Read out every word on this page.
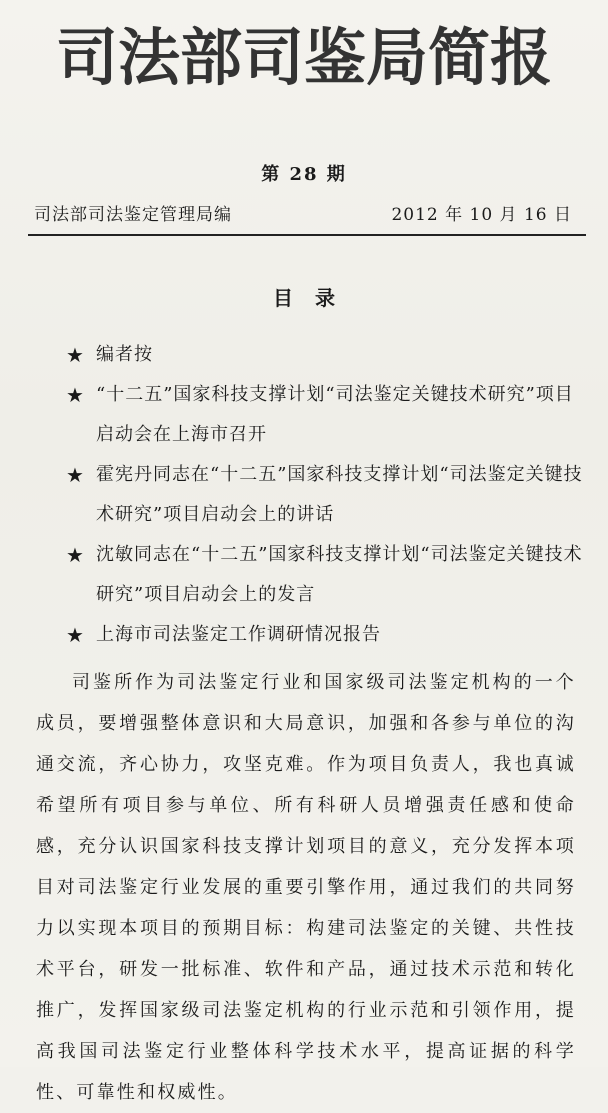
司法部司鉴局简报
第 28 期
司法部司法鉴定管理局编	2012 年 10 月 16 日
目录
★ 编者按
★ “十二五”国家科技支撑计划“司法鉴定关键技术研究”项目启动会在上海市召开
★ 霍宪丹同志在“十二五”国家科技支撑计划“司法鉴定关键技术研究”项目启动会上的讲话
★ 沈敏同志在“十二五”国家科技支撑计划“司法鉴定关键技术研究”项目启动会上的发言
★ 上海市司法鉴定工作调研情况报告

司鉴所作为司法鉴定行业和国家级司法鉴定机构的一个成员，要增强整体意识和大局意识，加强和各参与单位的沟通交流，齐心协力，攻坚克难。作为项目负责人，我也真诚希望所有项目参与单位、所有科研人员增强责任感和使命感，充分认识国家科技支撑计划项目的意义，充分发挥本项目对司法鉴定行业发展的重要引擎作用，通过我们的共同努力以实现本项目的预期目标：构建司法鉴定的关键、共性技术平台，研发一批标准、软件和产品，通过技术示范和转化推广，发挥国家级司法鉴定机构的行业示范和引领作用，提高我国司法鉴定行业整体科学技术水平，提高证据的科学性、可靠性和权威性。
